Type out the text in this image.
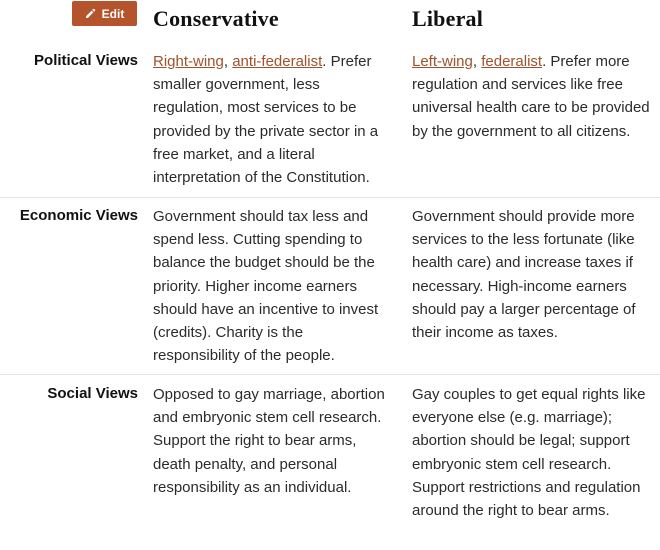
Edit Conservative	Liberal
Political Views Right-wing, anti-federalist. Prefer smaller government, less regulation, most services to be provided by the private sector in a free market, and a literal interpretation of the Constitution.
Left-wing, federalist. Prefer more regulation and services like free universal health care to be provided by the government to all citizens.
Economic Views Government should tax less and spend less. Cutting spending to balance the budget should be the priority. Higher income earners should have an incentive to invest (credits). Charity is the responsibility of the people.
Government should provide more services to the less fortunate (like health care) and increase taxes if necessary. High-income earners should pay a larger percentage of their income as taxes.
Social Views Opposed to gay marriage, abortion and embryonic stem cell research. Support the right to bear arms, death penalty, and personal responsibility as an individual.
Gay couples to get equal rights like everyone else (e.g. marriage); abortion should be legal; support embryonic stem cell research. Support restrictions and regulation around the right to bear arms.
